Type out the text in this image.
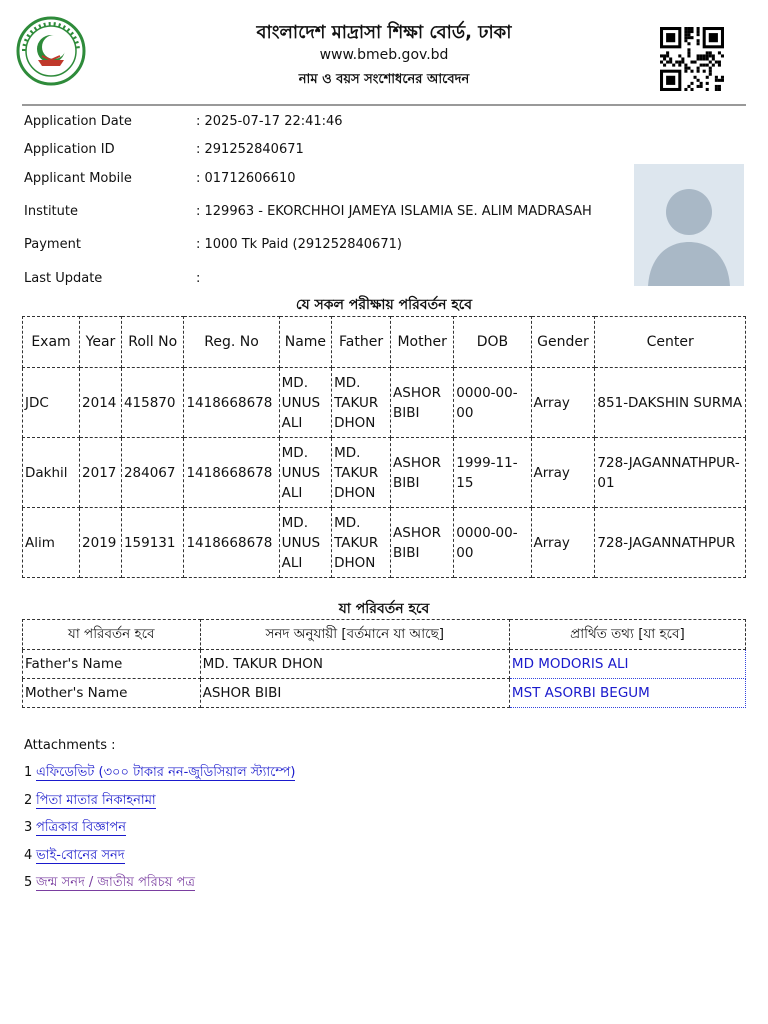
বাংলাদেশ মাদ্রাসা শিক্ষা বোর্ড, ঢাকা
www.bmeb.gov.bd
নাম ও বয়স সংশোধনের আবেদন
Application Date	: 2025-07-17 22:41:46
Application ID	: 291252840671
Applicant Mobile	: 01712606610
Institute	: 129963 - EKORCHHOI JAMEYA ISLAMIA SE. ALIM MADRASAH
Payment	: 1000 Tk Paid (291252840671)
Last Update	:
যে সকল পরীক্ষায় পরিবর্তন হবে
Exam	Year	Roll No	Reg. No	Name	Father	Mother	DOB	Gender	Center
JDC	2014	415870	1418668678	MD. UNUS ALI	MD. TAKUR DHON	ASHOR BIBI	0000-00-00	Array	851-DAKSHIN SURMA
Dakhil	2017	284067	1418668678	MD. UNUS ALI	MD. TAKUR DHON	ASHOR BIBI	1999-11-15	Array	728-JAGANNATHPUR-01
Alim	2019	159131	1418668678	MD. UNUS ALI	MD. TAKUR DHON	ASHOR BIBI	0000-00-00	Array	728-JAGANNATHPUR
যা পরিবর্তন হবে
যা পরিবর্তন হবে	সনদ অনুযায়ী [বর্তমানে যা আছে]	প্রার্থিত তথ্য [যা হবে]
Father's Name	MD. TAKUR DHON	MD MODORIS ALI
Mother's Name	ASHOR BIBI	MST ASORBI BEGUM
Attachments :
1 এফিডেভিট (৩০০ টাকার নন-জুডিসিয়াল স্ট্যাম্পে)
2 পিতা মাতার নিকাহনামা
3 পত্রিকার বিজ্ঞাপন
4 ভাই-বোনের সনদ
5 জন্ম সনদ / জাতীয় পরিচয় পত্র
